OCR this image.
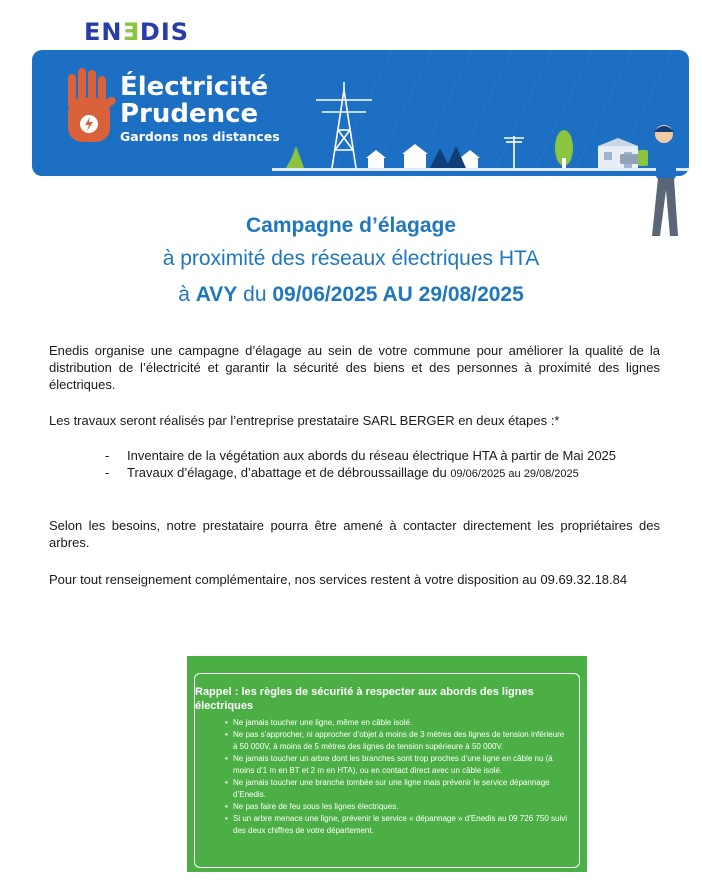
ENƎDIS
Électricité
Prudence
Gardons nos distances
Campagne d’élagage
à proximité des réseaux électriques HTA
à AVY du 09/06/2025 AU 29/08/2025
Enedis organise une campagne d’élagage au sein de votre commune pour améliorer la qualité de la distribution de l’électricité et garantir la sécurité des biens et des personnes à proximité des lignes électriques.
Les travaux seront réalisés par l’entreprise prestataire SARL BERGER en deux étapes :*
-	Inventaire de la végétation aux abords du réseau électrique HTA à partir de Mai 2025
-	Travaux d’élagage, d’abattage et de débroussaillage du 09/06/2025 au 29/08/2025
Selon les besoins, notre prestataire pourra être amené à contacter directement les propriétaires des arbres.
Pour tout renseignement complémentaire, nos services restent à votre disposition au 09.69.32.18.84
Rappel : les règles de sécurité à respecter aux abords des lignes électriques
• Ne jamais toucher une ligne, même en câble isolé.
• Ne pas s’approcher, ni approcher d’objet à moins de 3 mètres des lignes de tension inférieure à 50 000V, à moins de 5 mètres des lignes de tension supérieure à 50 000V.
• Ne jamais toucher un arbre dont les branches sont trop proches d’une ligne en câble nu (à moins d’1 m en BT et 2 m en HTA), ou en contact direct avec un câble isolé.
• Ne jamais toucher une branche tombée sur une ligne mais prévenir le service dépannage d’Enedis.
• Ne pas faire de feu sous les lignes électriques.
• Si un arbre menace une ligne, prévenir le service « dépannage » d’Enedis au 09 726 750 suivi des deux chiffres de votre département.
